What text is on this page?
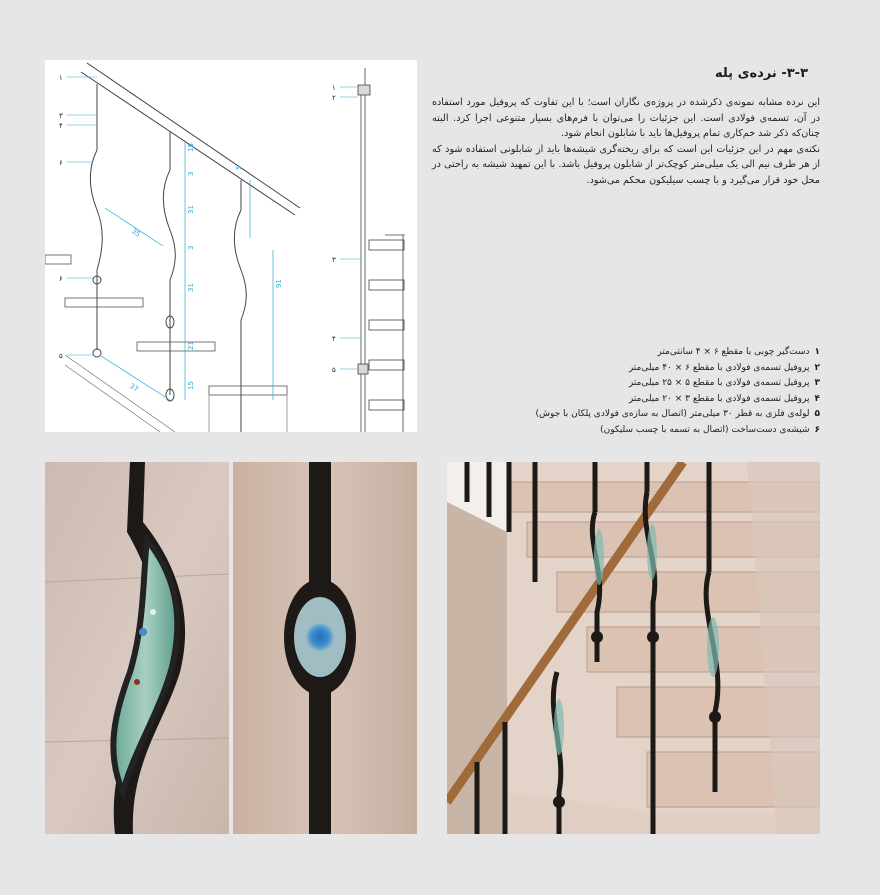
35
37
15
3
31
3
31
21
15
5
91
۱
۳
۴
۶
۶
۵
۱
۲
۳
۴
۵
۳-۳- نرده‌ی پله

این نرده مشابه نمونه‌ی ذکرشده در پروژه‌ی نگاران است؛ با این تفاوت که پروفیل مورد استفاده در آن، تسمه‌ی فولادی است. این جزئیات را می‌توان با فرم‌های بسیار متنوعی اجرا کرد. البته چنان‌که ذکر شد خم‌کاری تمام پروفیل‌ها باید با شابلون انجام شود.

نکته‌ی مهم در این جزئیات این است که برای ریخته‌گری شیشه‌ها باید از شابلونی استفاده شود که از هر طرف نیم الی یک میلی‌متر کوچک‌تر از شابلون پروفیل باشد. با این تمهید شیشه به راحتی در محل خود قرار می‌گیرد و با چسب سیلیکون محکم می‌شود.

۱دست‌گیر چوبی با مقطع ۶ × ۴ سانتی‌متر
۲پروفیل تسمه‌ی فولادی با مقطع ۶ × ۴۰ میلی‌متر
۳پروفیل تسمه‌ی فولادی با مقطع ۵ × ۲۵ میلی‌متر
۴پروفیل تسمه‌ی فولادی با مقطع ۳ × ۲۰ میلی‌متر
۵لوله‌ی فلزی به قطر ۳۰ میلی‌متر (اتصال به سازه‌ی فولادی پلکان با جوش)
۶شیشه‌ی دست‌ساخت (اتصال به تسمه با چسب سلیکون)
